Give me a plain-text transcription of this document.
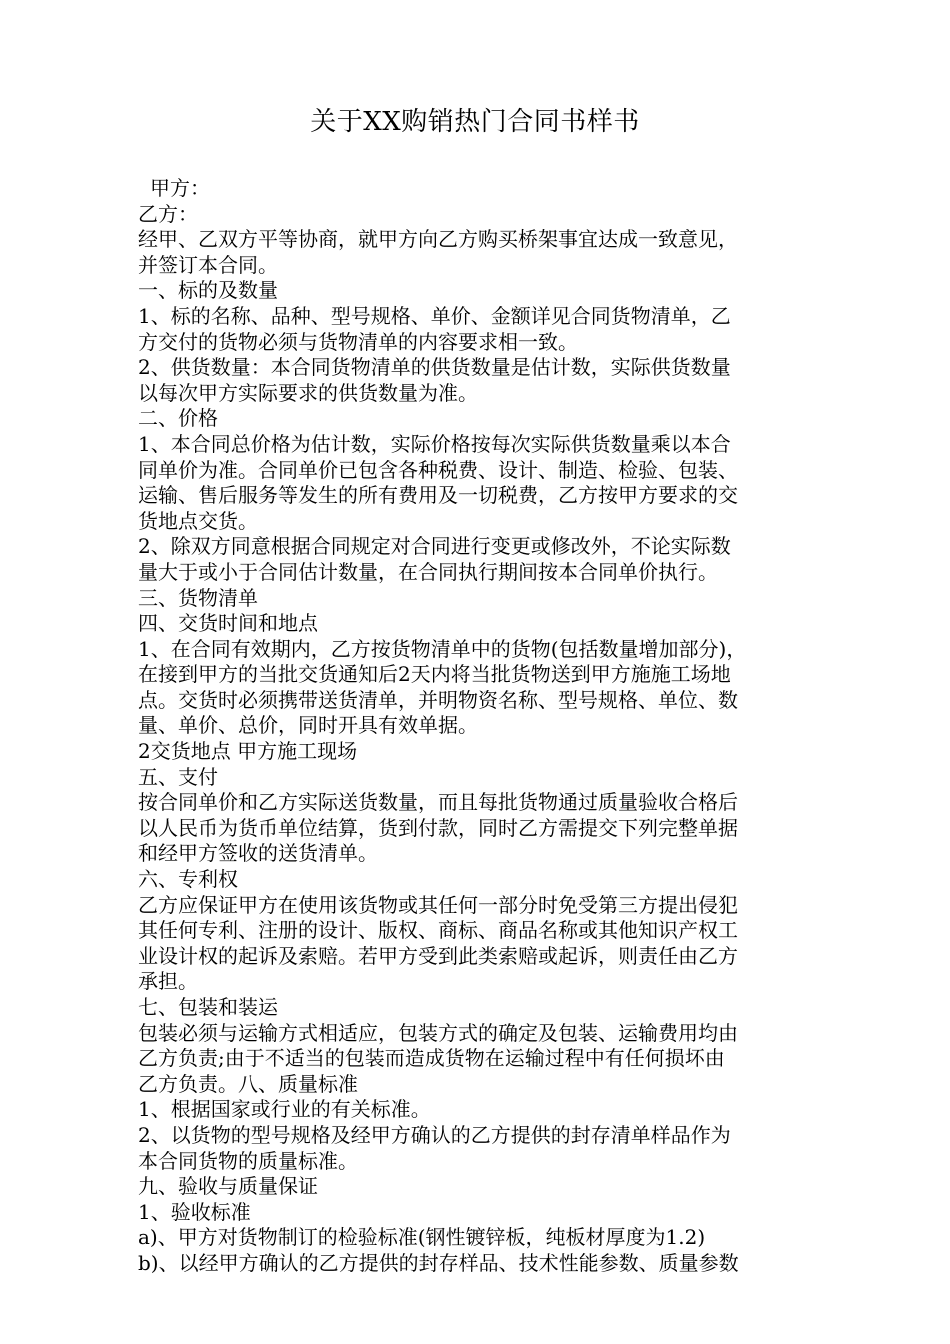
关于XX购销热门合同书样书
甲方：
乙方：
经甲、乙双方平等协商，就甲方向乙方购买桥架事宜达成一致意见，
并签订本合同。
一、标的及数量
1、标的名称、品种、型号规格、单价、金额详见合同货物清单，乙
方交付的货物必须与货物清单的内容要求相一致。
2、供货数量：本合同货物清单的供货数量是估计数，实际供货数量
以每次甲方实际要求的供货数量为准。
二、价格
1、本合同总价格为估计数，实际价格按每次实际供货数量乘以本合
同单价为准。合同单价已包含各种税费、设计、制造、检验、包装、
运输、售后服务等发生的所有费用及一切税费，乙方按甲方要求的交
货地点交货。
2、除双方同意根据合同规定对合同进行变更或修改外，不论实际数
量大于或小于合同估计数量，在合同执行期间按本合同单价执行。
三、货物清单
四、交货时间和地点
1、在合同有效期内，乙方按货物清单中的货物(包括数量增加部分)，
在接到甲方的当批交货通知后2天内将当批货物送到甲方施施工场地
点。交货时必须携带送货清单，并明物资名称、型号规格、单位、数
量、单价、总价，同时开具有效单据。
2交货地点 甲方施工现场
五、支付
按合同单价和乙方实际送货数量，而且每批货物通过质量验收合格后
以人民币为货币单位结算，货到付款，同时乙方需提交下列完整单据
和经甲方签收的送货清单。
六、专利权
乙方应保证甲方在使用该货物或其任何一部分时免受第三方提出侵犯
其任何专利、注册的设计、版权、商标、商品名称或其他知识产权工
业设计权的起诉及索赔。若甲方受到此类索赔或起诉，则责任由乙方
承担。
七、包装和装运
包装必须与运输方式相适应，包装方式的确定及包装、运输费用均由
乙方负责;由于不适当的包装而造成货物在运输过程中有任何损坏由
乙方负责。八、质量标准
1、根据国家或行业的有关标准。
2、以货物的型号规格及经甲方确认的乙方提供的封存清单样品作为
本合同货物的质量标准。
九、验收与质量保证
1、验收标准
a)、甲方对货物制订的检验标准(钢性镀锌板，纯板材厚度为1.2)
b)、以经甲方确认的乙方提供的封存样品、技术性能参数、质量参数
